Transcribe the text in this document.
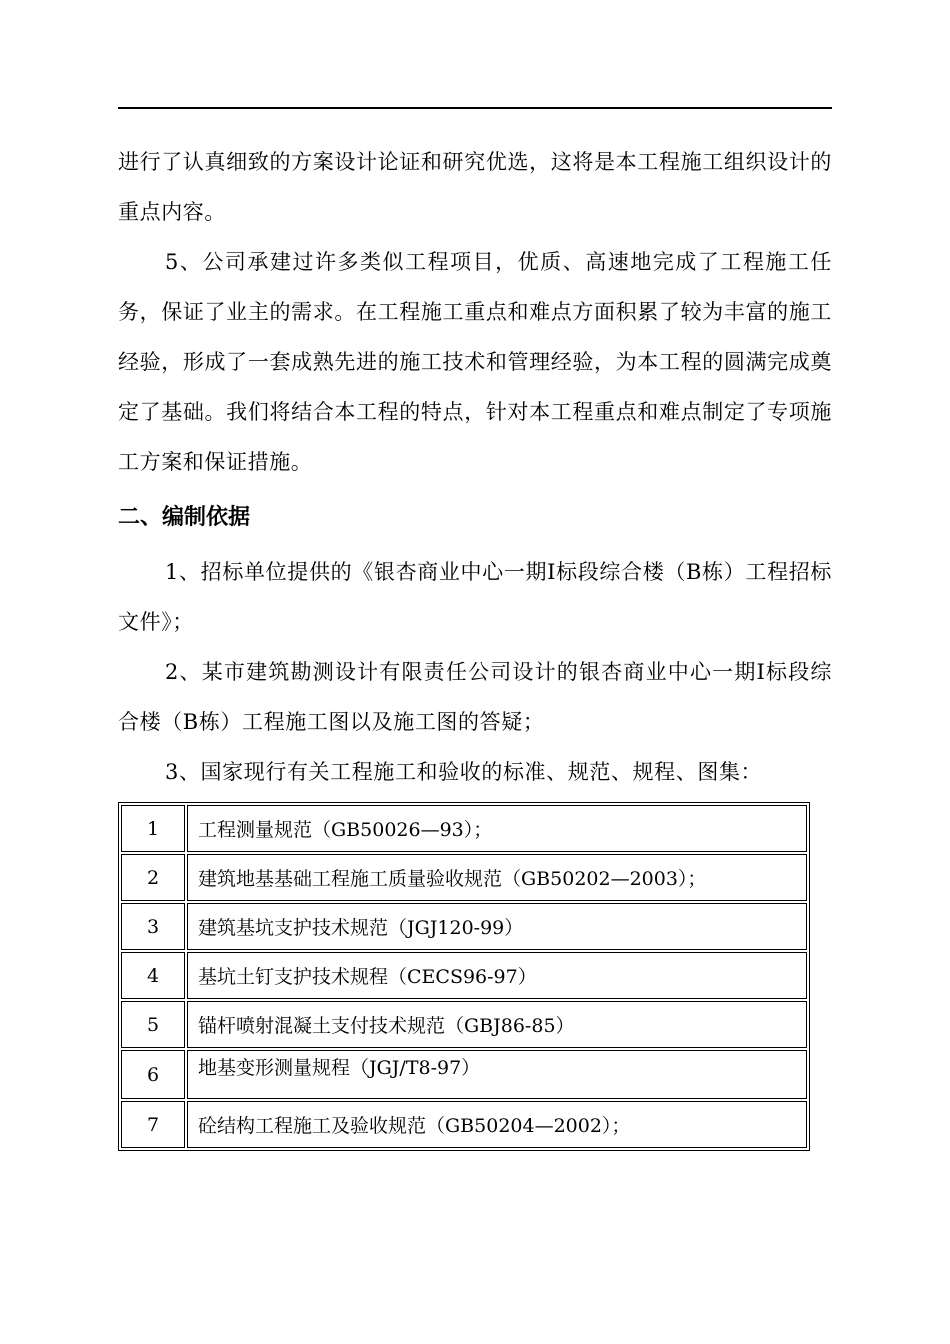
进行了认真细致的方案设计论证和研究优选，这将是本工程施工组织设计的重点内容。

5、公司承建过许多类似工程项目，优质、高速地完成了工程施工任务，保证了业主的需求。在工程施工重点和难点方面积累了较为丰富的施工经验，形成了一套成熟先进的施工技术和管理经验，为本工程的圆满完成奠定了基础。我们将结合本工程的特点，针对本工程重点和难点制定了专项施工方案和保证措施。

二、编制依据

1、招标单位提供的《银杏商业中心一期Ⅰ标段综合楼（B栋）工程招标文件》；

2、某市建筑勘测设计有限责任公司设计的银杏商业中心一期Ⅰ标段综合楼（B栋）工程施工图以及施工图的答疑；

3、国家现行有关工程施工和验收的标准、规范、规程、图集：

1	工程测量规范（GB50026—93）；
2	建筑地基基础工程施工质量验收规范（GB50202—2003）；
3	建筑基坑支护技术规范（JGJ120-99）
4	基坑土钉支护技术规程（CECS96-97）
5	锚杆喷射混凝土支付技术规范（GBJ86-85）
6	地基变形测量规程（JGJ/T8-97）
7	砼结构工程施工及验收规范（GB50204—2002）；
